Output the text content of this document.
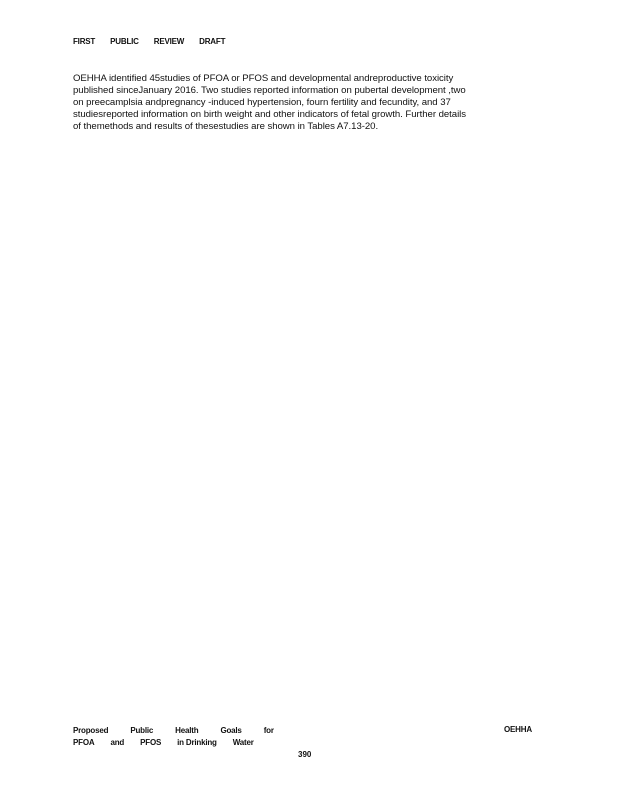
FIRST PUBLIC REVIEW DRAFT
OEHHA identified 45studies of PFOA or PFOS and developmental andreproductive toxicity
published sinceJanuary 2016. Two studies reported information on pubertal development ,two
on preecamplsia andpregnancy -induced hypertension, fourn fertility and fecundity, and 37
studiesreported information on birth weight and other indicators of fetal growth. Further details
of themethods and results of thesestudies are shown in Tables A7.13-20.
Proposed	Public	Health	Goals	for
PFOA and PFOS in Drinking Water
OEHHA
390
